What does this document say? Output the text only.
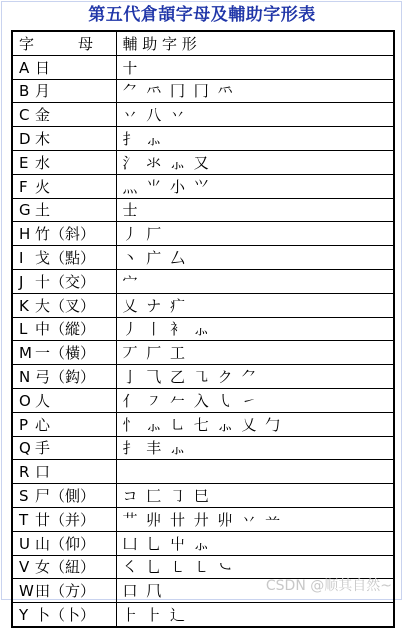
第五代倉頡字母及輔助字形表
字 母	輔 助 字 形
A 日	〸
B 月	⺈ ⺤ 冂 冂 ⺤
C 金	丷 八 丷
D 木	扌 ⺗
E 水	氵 氺 ⺗ 又
F 火	灬 ⺌ 小 ⺍
G 土	士
H 竹（斜）	丿 厂
I 戈（點）	丶 广 厶
J 十（交）	宀
K 大（叉）	乂 ナ 疒
L 中（縱）	丿 丨 衤 ⺗
M 一（橫）	丆 厂 工
N 弓（鈎）	亅 ⺄ 乙 ㇈ ク ⺈
O 人	亻 ㇇ 𠂉 入 ㇂ ㇀
P 心	忄 ⺗ ㇟ 七 ⺗ 乂 勹
Q 手	扌 丰 ⺗
R 口	
S 尸（側）	コ 匚 ㇆ 巳
T 廿（并）	艹 丱 卄 廾 丱 丷 䒑
U 山（仰）	凵 乚 屮 ⺗
V 女（紐）	㇛ 乚 ㇄ ㇄ ㇃
W田（方）	口 ⺇
Y 卜（卜）	⺊ ⺊ 辶
CSDN @顺其自然~
